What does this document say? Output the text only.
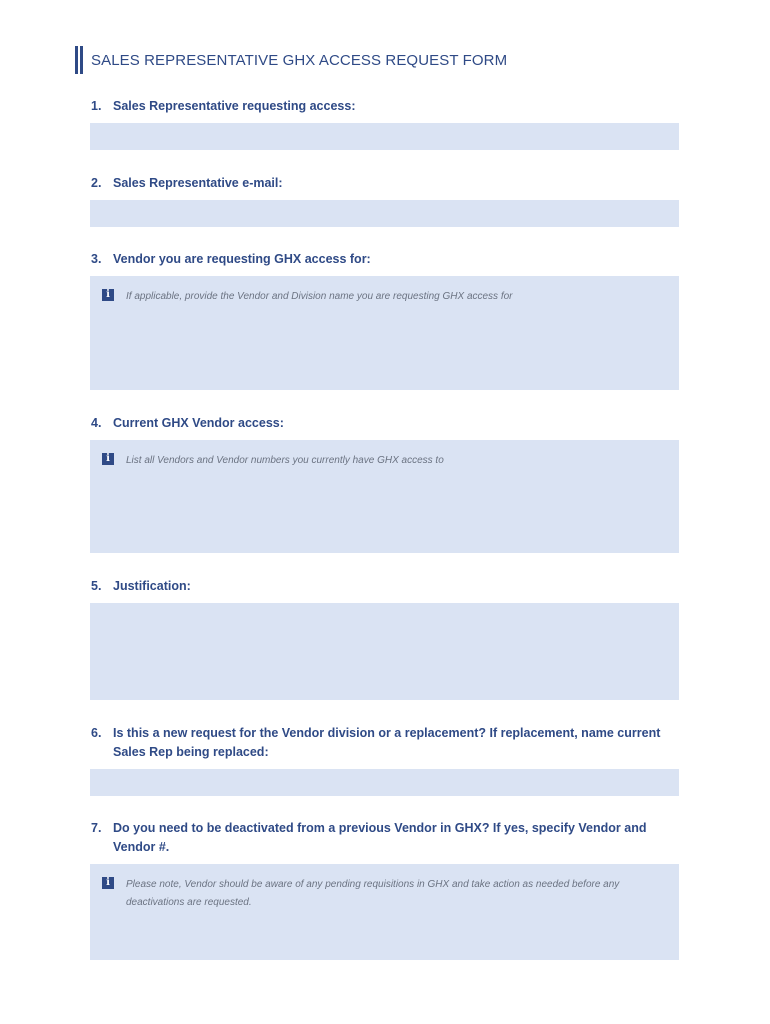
SALES REPRESENTATIVE GHX ACCESS REQUEST FORM
1. Sales Representative requesting access:
2. Sales Representative e-mail:
3. Vendor you are requesting GHX access for:
i	If applicable, provide the Vendor and Division name you are requesting GHX access for
4. Current GHX Vendor access:
i	List all Vendors and Vendor numbers you currently have GHX access to
5. Justification:
6. Is this a new request for the Vendor division or a replacement? If replacement, name current Sales Rep being replaced:
7. Do you need to be deactivated from a previous Vendor in GHX? If yes, specify Vendor and Vendor #.
i	Please note, Vendor should be aware of any pending requisitions in GHX and take action as needed before any deactivations are requested.
